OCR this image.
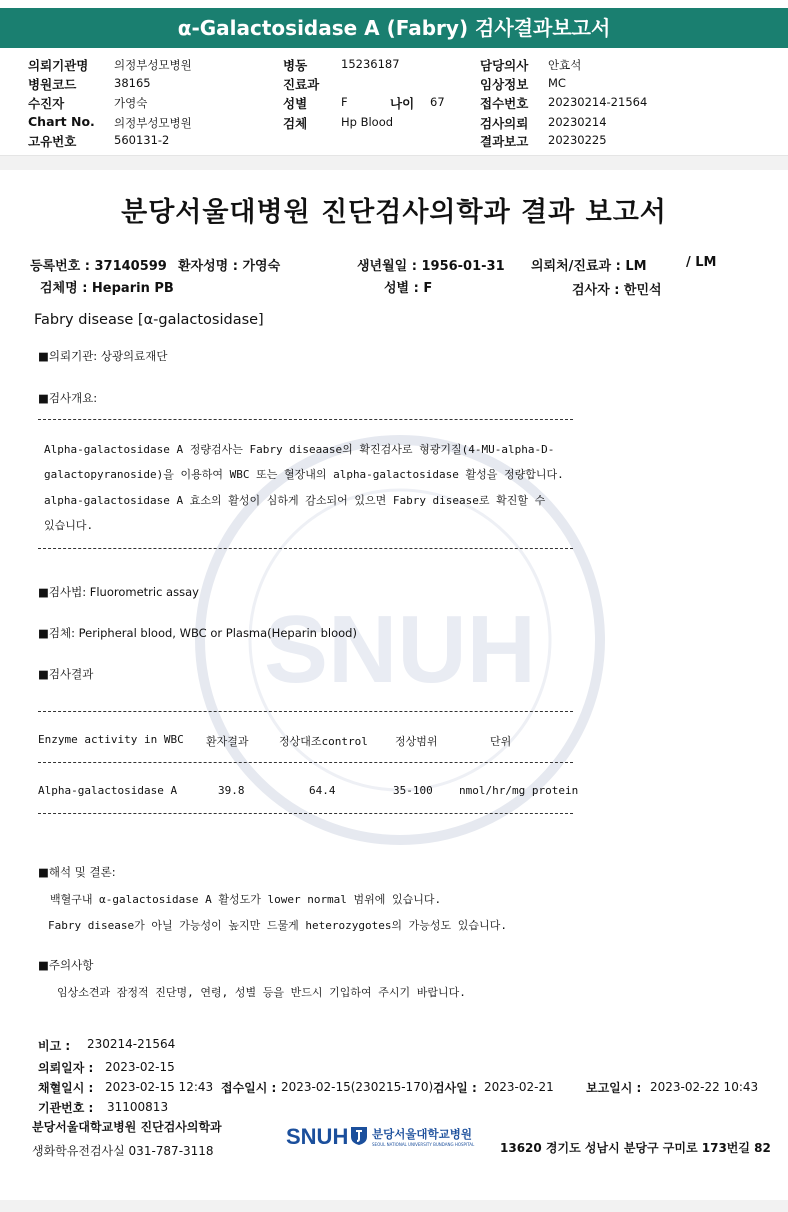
α-Galactosidase A (Fabry) 검사결과보고서
의뢰기관명 의정부성모병원
병원코드	38165
수진자	가영숙
Chart No. 의정부성모병원
고유번호	560131-2
병동	15236187
진료과
성별	F	나이 67
검체	Hp Blood
담당의사 안효석
임상정보 MC
접수번호 20230214-21564
검사의뢰 20230214
결과보고 20230225
SNUH
분당서울대병원 진단검사의학과 결과 보고서
등록번호 : 37140599 환자성명 : 가영숙	생년월일 : 1956-01-31 의뢰처/진료과 : LM	/ LM
검체명 : Heparin PB	성별 : F	검사자 : 한민석
Fabry disease [α-galactosidase]
■의뢰기관: 상광의료재단
■검사개요:
Alpha-galactosidase A 정량검사는 Fabry diseaase의 확진검사로 형광기질(4-MU-alpha-D-
galactopyranoside)을 이용하여 WBC 또는 혈장내의 alpha-galactosidase 활성을 정량합니다.
alpha-galactosidase A 효소의 활성이 심하게 감소되어 있으면 Fabry disease로 확진할 수
있습니다.
■검사법: Fluorometric assay
■검체: Peripheral blood, WBC or Plasma(Heparin blood)
■검사결과
Enzyme activity in WBC 환자결과	정상대조control 정상범위	단위
Alpha-galactosidase A	39.8	64.4	35-100 nmol/hr/mg protein
■해석 및 결론:
백혈구내 α-galactosidase A 활성도가 lower normal 범위에 있습니다.
Fabry disease가 아닐 가능성이 높지만 드물게 heterozygotes의 가능성도 있습니다.
■주의사항
임상소견과 잠정적 진단명, 연령, 성별 등을 반드시 기입하여 주시기 바랍니다.
비고 : 230214-21564
의뢰일자 : 2023-02-15
채혈일시 : 2023-02-15 12:43 접수일시 : 2023-02-15(230215-170) 검사일 : 2023-02-21	보고일시 : 2023-02-22 10:43
기관번호 : 31100813
분당서울대학교병원 진단검사의학과
생화학유전검사실 031-787-3118
SNUH 분당서울대학교병원
SEOUL NATIONAL UNIVERSITY BUNDANG HOSPITAL 13620 경기도 성남시 분당구 구미로 173번길 82
